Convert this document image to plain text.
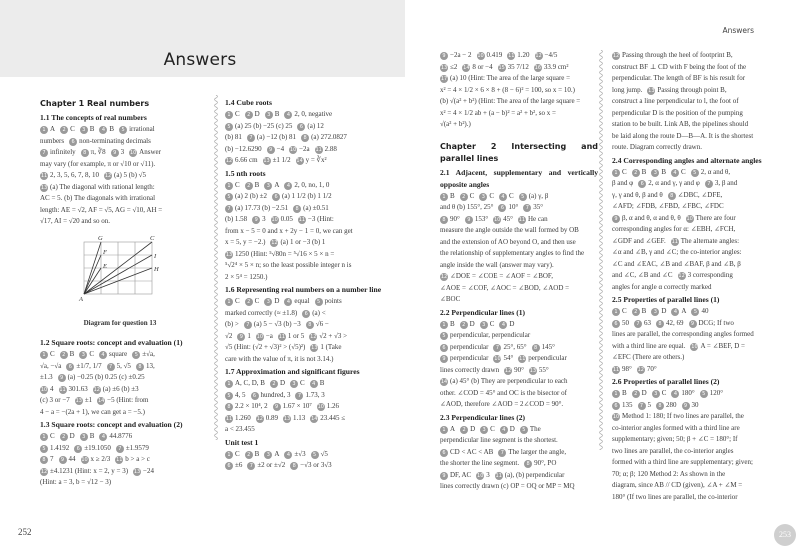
Answers
Chapter 1 Real numbers
1.1 The concepts of real numbers
1 A 2 C 3 B 4 B 5 irrational
numbers 6 non-terminating decimals
7 infinitely 8 π, ∛8 9 3 10 Answer
may vary (for example, π or √10 or √11).
11 2, 3, 5, 6, 7, 8, 10 12 (a) 5 (b) √5
13 (a) The diagonal with rational length:
AC = 5. (b) The diagonals with irrational
length: AE = √2, AF = √5, AG = √10, AH =
√17, AI = √20 and so on.
G	C
F
I
E	H
A
Diagram for question 13
1.2 Square roots: concept and evaluation (1)
1 C 2 B 3 C 4 square 5 ±√a,
√a, −√a 6 ±1/7, 1/7 7 5, √5 8 13,
±1.3 9 (a) −0.25 (b) 0.25 (c) ±0.25
10 4 11 301.63 12 (a) ±6 (b) ±3
(c) 3 or −7 13 ±1 14 −5 (Hint: from
4 − a = −(2a + 1), we can get a = −5.)
1.3 Square roots: concept and evaluation (2)
1 C 2 D 3 B 4 44.8776
5 1.4192 6 ±19.1050 7 ±1.9579
8 7 9 44 10 x ≥ 2/3 11 b > a > c
12 ±4.1231 (Hint: x = 2, y = 3) 13 −24
(Hint: a = 3, b = √12 − 3)
1.4 Cube roots
1 C 2 D 3 B 4 2, 0, negative
5 (a) 25 (b) −25 (c) 25 6 (a) 12
(b) 81 7 (a) −12 (b) 81 8 (a) 272.0827
(b) −12.6290 9 −4 10 −2a 11 2.88
12 6.66 cm 13 ±1 1/2 14 y = ∛x²
1.5 nth roots
1 C 2 B 3 A 4 2, 0, no, 1, 0
5 (a) 2 (b) ±2 6 (a) 1 1/2 (b) 1 1/2
7 (a) 17.73 (b) −2.51 8 (a) ±0.51
(b) 1.58 9 3 10 0.05 11 −3 (Hint:
from x − 5 = 0 and x + 2y − 1 = 0, we can get
x = 5, y = −2.) 12 (a) 1 or −3 (b) 1
13 1250 (Hint: ⁵√80n = ⁵√16 × 5 × n =
⁵√2⁴ × 5 × n; so the least possible integer n is
2 × 5⁴ = 1250.)
1.6 Representing real numbers on a number line
1 C 2 C 3 D 4 equal 5 points
marked correctly (≈ ±1.8) 6 (a) <
(b) > 7 (a) 5 − √3 (b) −3 8 √6 −
√2 9 1 10 −a 11 1 or 5 12 √2 + √3 >
√5 (Hint: (√2 + √3)² > (√5)²) 13 1 (Take
care with the value of π, it is not 3.14.)
1.7 Approximation and significant figures
1 A, C, D, B 2 D 3 C 4 B
5 4, 5 6 hundred, 3 7 1.73, 3
8 2.2 × 10⁴, 2 9 1.67 × 10⁷ 10 1.26
11 1.260 12 0.89 13 1.13 14 23.445 ≤
a < 23.455
Unit test 1
1 C 2 B 3 A 4 ±√3 5 √5
6 ±6 7 ±2 or ±√2 8 −√3 or 3√3
252
Answers
9 −2a − 2 10 0.419 11 1.20 12 −4/5
13 ≤2 14 8 or −4 15 35 7/12 16 33.9 cm²
17 (a) 10 (Hint: The area of the large square =
x² = 4 × 1/2 × 6 × 8 + (8 − 6)² = 100, so x = 10.)
(b) √(a² + b²) (Hint: The area of the large square =
x² = 4 × 1/2 ab + (a − b)² = a² + b², so x =
√(a² + b²).)
Chapter 2 Intersecting and parallel lines
2.1 Adjacent, supplementary and vertically opposite angles
1 B 2 C 3 C 4 C 5 (a) γ, β
and θ (b) 155°, 25° 6 10° 7 35°
8 90° 9 153° 10 45° 11 He can
measure the angle outside the wall formed by OB
and the extension of AO beyond O, and then use
the relationship of supplementary angles to find the
angle inside the wall (answer may vary).
12 ∠DOE = ∠COE = ∠AOF = ∠BOF,
∠AOE = ∠COF, ∠AOC = ∠BOD, ∠AOD =
∠BOC
2.2 Perpendicular lines (1)
1 B 2 D 3 C 4 D
5 perpendicular, perpendicular
6 perpendicular 7 25°, 65° 8 145°
9 perpendicular 10 54° 11 perpendicular
lines correctly drawn 12 90° 13 55°
14 (a) 45° (b) They are perpendicular to each
other. ∠COD = 45° and OC is the bisector of
∠AOD, therefore ∠AOD = 2∠COD = 90°.
2.3 Perpendicular lines (2)
1 A 2 D 3 C 4 D 5 The
perpendicular line segment is the shortest.
6 CD < AC < AB 7 The larger the angle,
the shorter the line segment. 8 90°, PO
9 DF, AC 10 3 11 (a), (b) perpendicular
lines correctly drawn (c) OP = OQ or MP = MQ
12 Passing through the heel of footprint B,
construct BF ⊥ CD with F being the foot of the
perpendicular. The length of BF is his result for
long jump. 13 Passing through point B,
construct a line perpendicular to l, the foot of
perpendicular D is the position of the pumping
station to be built. Link AB, the pipelines should
be laid along the route D—B—A. It is the shortest
route. Diagram correctly drawn.
2.4 Corresponding angles and alternate angles
1 C 2 B 3 B 4 C 5 2, α and θ,
β and φ 6 2, α and γ, γ and φ 7 3, β and
γ, γ and θ, β and θ 8 ∠DBC, ∠DFE,
∠AFD; ∠FDB, ∠FBD, ∠FBC, ∠FDC
9 β, α and θ, α and θ, θ 10 There are four
corresponding angles for α: ∠EBH, ∠FCH,
∠GDF and ∠GEF. 11 The alternate angles:
∠α and ∠B, γ and ∠C; the co-interior angles:
∠C and ∠EAC, ∠B and ∠BAF, β and ∠B, β
and ∠C, ∠B and ∠C 12 3 corresponding
angles for angle α correctly marked
2.5 Properties of parallel lines (1)
1 C 2 B 3 D 4 A 5 40
6 50 7 63 8 42, 69 9 DCG; If two
lines are parallel, the corresponding angles formed
with a third line are equal. 10 A = ∠BEF, D =
∠EFC (There are others.)
11 98° 12 70°
2.6 Properties of parallel lines (2)
1 B 2 D 3 C 4 180° 5 120°
6 135 7 5 8 280 9 30
10 Method 1: 180; If two lines are parallel, the
co-interior angles formed with a third line are
supplementary; given; 50; β + ∠C = 180°; If
two lines are parallel, the co-interior angles
formed with a third line are supplementary; given;
70; α; β; 120 Method 2: As shown in the
diagram, since AB // CD (given), ∠A + ∠M =
180° (If two lines are parallel, the co-interior
253
